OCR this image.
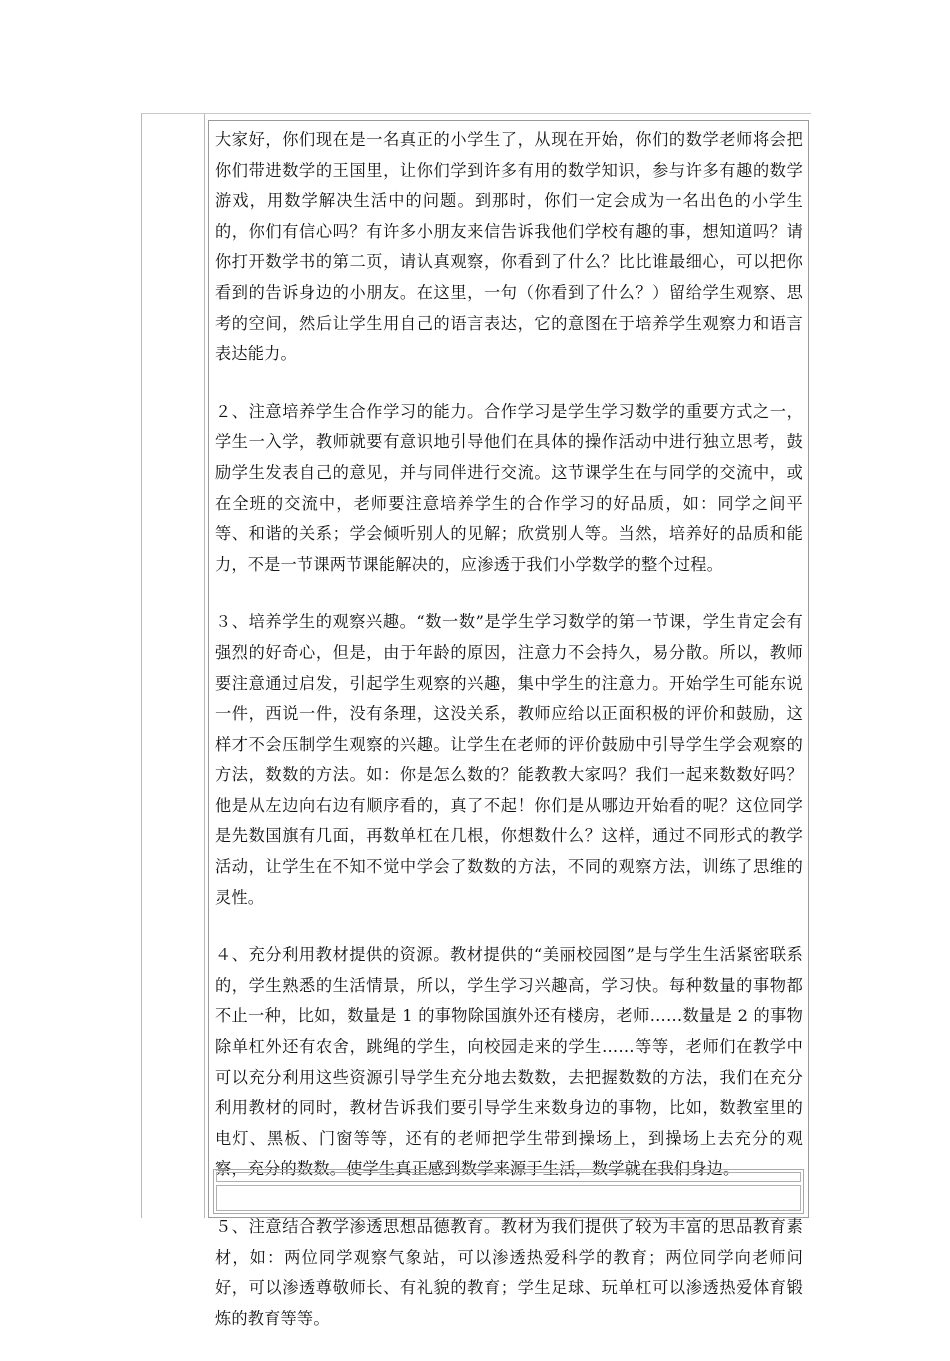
大家好，你们现在是一名真正的小学生了，从现在开始，你们的数学老师将会把你们带进数学的王国里，让你们学到许多有用的数学知识，参与许多有趣的数学游戏，用数学解决生活中的问题。到那时，你们一定会成为一名出色的小学生的，你们有信心吗？有许多小朋友来信告诉我他们学校有趣的事，想知道吗？请你打开数学书的第二页，请认真观察，你看到了什么？比比谁最细心，可以把你看到的告诉身边的小朋友。在这里，一句（你看到了什么？）留给学生观察、思考的空间，然后让学生用自己的语言表达，它的意图在于培养学生观察力和语言表达能力。

２、注意培养学生合作学习的能力。合作学习是学生学习数学的重要方式之一，学生一入学，教师就要有意识地引导他们在具体的操作活动中进行独立思考，鼓励学生发表自己的意见，并与同伴进行交流。这节课学生在与同学的交流中，或在全班的交流中，老师要注意培养学生的合作学习的好品质，如：同学之间平等、和谐的关系；学会倾听别人的见解；欣赏别人等。当然，培养好的品质和能力，不是一节课两节课能解决的，应渗透于我们小学数学的整个过程。

３、培养学生的观察兴趣。“数一数”是学生学习数学的第一节课，学生肯定会有强烈的好奇心，但是，由于年龄的原因，注意力不会持久，易分散。所以，教师要注意通过启发，引起学生观察的兴趣，集中学生的注意力。开始学生可能东说一件，西说一件，没有条理，这没关系，教师应给以正面积极的评价和鼓励，这样才不会压制学生观察的兴趣。让学生在老师的评价鼓励中引导学生学会观察的方法，数数的方法。如：你是怎么数的？能教教大家吗？我们一起来数数好吗？他是从左边向右边有顺序看的，真了不起！你们是从哪边开始看的呢？这位同学是先数国旗有几面，再数单杠在几根，你想数什么？这样，通过不同形式的教学活动，让学生在不知不觉中学会了数数的方法，不同的观察方法，训练了思维的灵性。

４、充分利用教材提供的资源。教材提供的“美丽校园图”是与学生生活紧密联系的，学生熟悉的生活情景，所以，学生学习兴趣高，学习快。每种数量的事物都不止一种，比如，数量是 1 的事物除国旗外还有楼房，老师……数量是 2 的事物除单杠外还有农舍，跳绳的学生，向校园走来的学生……等等，老师们在教学中可以充分利用这些资源引导学生充分地去数数，去把握数数的方法，我们在充分利用教材的同时，教材告诉我们要引导学生来数身边的事物，比如，数教室里的电灯、黑板、门窗等等，还有的老师把学生带到操场上，到操场上去充分的观察，充分的数数。使学生真正感到数学来源于生活，数学就在我们身边。

５、注意结合教学渗透思想品德教育。教材为我们提供了较为丰富的思品教育素材，如：两位同学观察气象站，可以渗透热爱科学的教育；两位同学向老师问好，可以渗透尊敬师长、有礼貌的教育；学生足球、玩单杠可以渗透热爱体育锻炼的教育等等。
